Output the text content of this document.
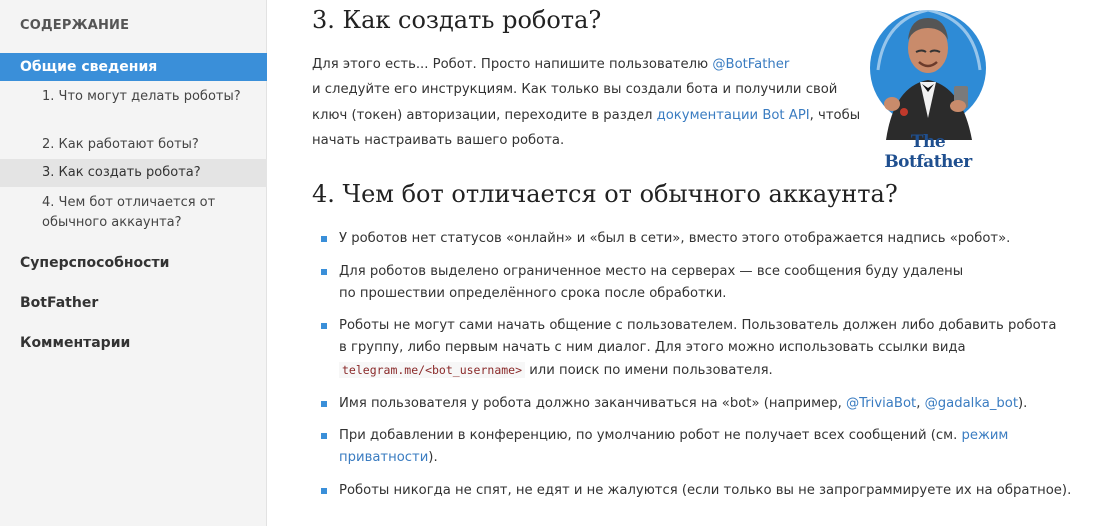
СОДЕРЖАНИЕ
Общие сведения
1. Что могут делать роботы?
2. Как работают боты?
3. Как создать робота?
4. Чем бот отличается от обычного аккаунта?
Суперспособности
BotFather
Комментарии
3. Как создать робота?
Для этого есть... Робот. Просто напишите пользователю @BotFather
и следуйте его инструкциям. Как только вы создали бота и получили свой
ключ (токен) авторизации, переходите в раздел документации Bot API, чтобы
начать настраивать вашего робота.
4. Чем бот отличается от обычного аккаунта?
У роботов нет статусов «онлайн» и «был в сети», вместо этого отображается надпись «робот».
Для роботов выделено ограниченное место на серверах — все сообщения буду удалены
по прошествии определённого срока после обработки.
Роботы не могут сами начать общение с пользователем. Пользователь должен либо добавить робота
в группу, либо первым начать с ним диалог. Для этого можно использовать ссылки вида
telegram.me/<bot_username> или поиск по имени пользователя.
Имя пользователя у робота должно заканчиваться на «bot» (например, @TriviaBot, @gadalka_bot).
При добавлении в конференцию, по умолчанию робот не получает всех сообщений (см. режим
приватности).
Роботы никогда не спят, не едят и не жалуются (если только вы не запрограммируете их на обратное).
The Botfather
